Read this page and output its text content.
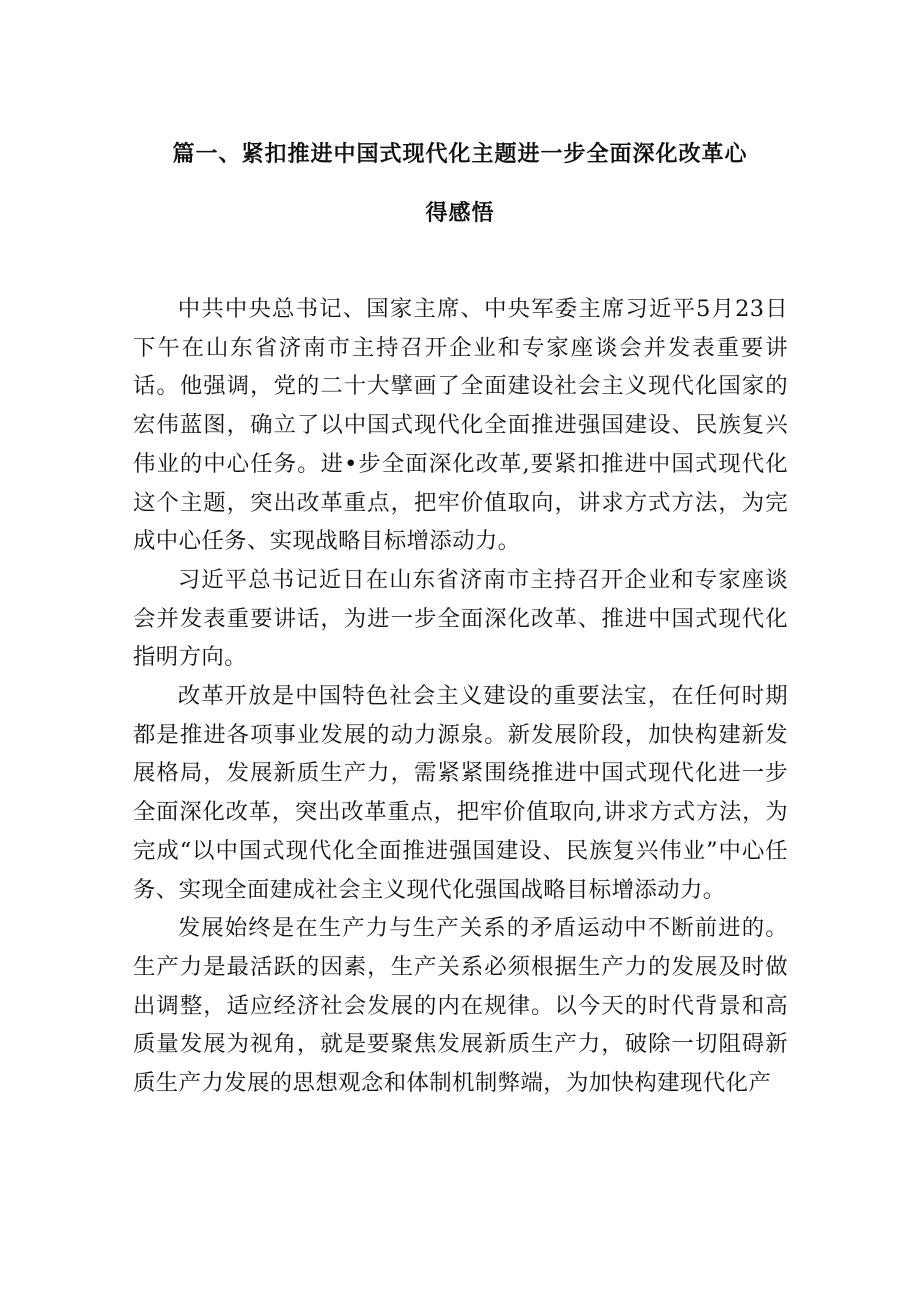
篇一、紧扣推进中国式现代化主题进一步全面深化改革心
得感悟

中共中央总书记、国家主席、中央军委主席习近平5月23日下午在山东省济南市主持召开企业和专家座谈会并发表重要讲话。他强调，党的二十大擘画了全面建设社会主义现代化国家的宏伟蓝图，确立了以中国式现代化全面推进强国建设、民族复兴伟业的中心任务。进•步全面深化改革,要紧扣推进中国式现代化这个主题，突出改革重点，把牢价值取向，讲求方式方法，为完成中心任务、实现战略目标增添动力。

习近平总书记近日在山东省济南市主持召开企业和专家座谈会并发表重要讲话，为进一步全面深化改革、推进中国式现代化指明方向。

改革开放是中国特色社会主义建设的重要法宝，在任何时期都是推进各项事业发展的动力源泉。新发展阶段，加快构建新发展格局，发展新质生产力，需紧紧围绕推进中国式现代化进一步全面深化改革，突出改革重点，把牢价值取向,讲求方式方法，为完成“以中国式现代化全面推进强国建设、民族复兴伟业”中心任务、实现全面建成社会主义现代化强国战略目标增添动力。

发展始终是在生产力与生产关系的矛盾运动中不断前进的。生产力是最活跃的因素，生产关系必须根据生产力的发展及时做出调整，适应经济社会发展的内在规律。以今天的时代背景和高质量发展为视角，就是要聚焦发展新质生产力，破除一切阻碍新质生产力发展的思想观念和体制机制弊端，为加快构建现代化产
